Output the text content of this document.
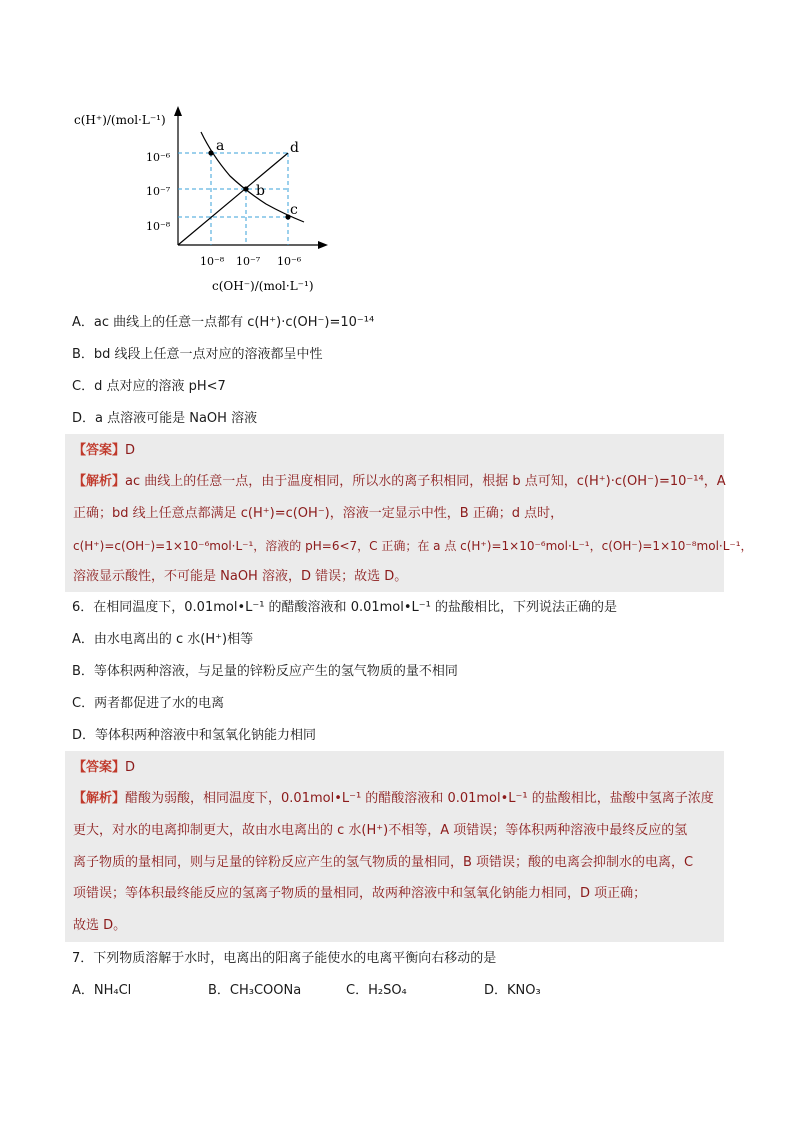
a
b
c
d
c(H⁺)/(mol·L⁻¹)
c(OH⁻)/(mol·L⁻¹)
10⁻⁶
10⁻⁷
10⁻⁸
10⁻⁸ 10⁻⁷ 10⁻⁶
A．ac 曲线上的任意一点都有 c(H⁺)·c(OH⁻)=10⁻¹⁴
B．bd 线段上任意一点对应的溶液都呈中性
C．d 点对应的溶液 pH<7
D．a 点溶液可能是 NaOH 溶液
【答案】D
【解析】ac 曲线上的任意一点，由于温度相同，所以水的离子积相同，根据 b 点可知，c(H⁺)·c(OH⁻)=10⁻¹⁴，A
正确；bd 线上任意点都满足 c(H⁺)=c(OH⁻)，溶液一定显示中性，B 正确；d 点时，
c(H⁺)=c(OH⁻)=1×10⁻⁶mol·L⁻¹，溶液的 pH=6<7，C 正确；在 a 点 c(H⁺)=1×10⁻⁶mol·L⁻¹，c(OH⁻)=1×10⁻⁸mol·L⁻¹，
溶液显示酸性，不可能是 NaOH 溶液，D 错误；故选 D。
6．在相同温度下，0.01mol•L⁻¹ 的醋酸溶液和 0.01mol•L⁻¹ 的盐酸相比，下列说法正确的是
A．由水电离出的 c 水(H⁺)相等
B．等体积两种溶液，与足量的锌粉反应产生的氢气物质的量不相同
C．两者都促进了水的电离
D．等体积两种溶液中和氢氧化钠能力相同
【答案】D
【解析】醋酸为弱酸，相同温度下，0.01mol•L⁻¹ 的醋酸溶液和 0.01mol•L⁻¹ 的盐酸相比，盐酸中氢离子浓度
更大，对水的电离抑制更大，故由水电离出的 c 水(H⁺)不相等，A 项错误；等体积两种溶液中最终反应的氢
离子物质的量相同，则与足量的锌粉反应产生的氢气物质的量相同，B 项错误；酸的电离会抑制水的电离，C
项错误；等体积最终能反应的氢离子物质的量相同，故两种溶液中和氢氧化钠能力相同，D 项正确；
故选 D。
7．下列物质溶解于水时，电离出的阳离子能使水的电离平衡向右移动的是
A．NH₄Cl	B．CH₃COONa	C．H₂SO₄	D．KNO₃
